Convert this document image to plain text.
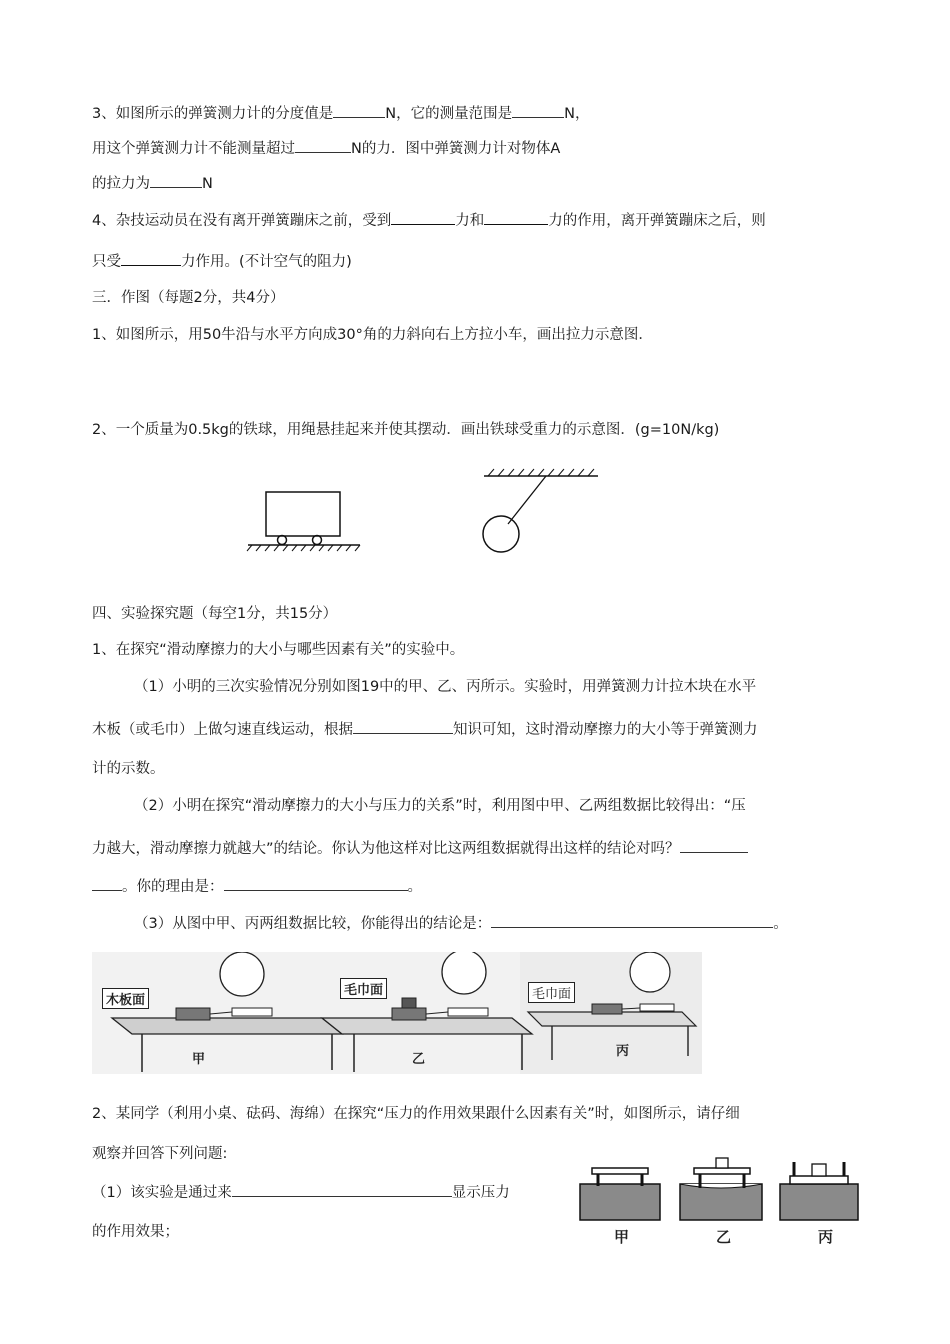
3、如图所示的弹簧测力计的分度值是	N，它的测量范围是	N，
用这个弹簧测力计不能测量超过	N的力．图中弹簧测力计对物体A
的拉力为	N
4、杂技运动员在没有离开弹簧蹦床之前，受到	力和	力的作用，离开弹簧蹦床之后，则
只受	力作用。(不计空气的阻力)
三．作图（每题2分，共4分）
1、如图所示，用50牛沿与水平方向成30°角的力斜向右上方拉小车，画出拉力示意图．
2、一个质量为0.5kg的铁球，用绳悬挂起来并使其摆动．画出铁球受重力的示意图．(g=10N/kg)
四、实验探究题（每空1分，共15分）
1、在探究“滑动摩擦力的大小与哪些因素有关”的实验中。
（1）小明的三次实验情况分别如图19中的甲、乙、丙所示。实验时，用弹簧测力计拉木块在水平
木板（或毛巾）上做匀速直线运动，根据	知识可知，这时滑动摩擦力的大小等于弹簧测力
计的示数。
（2）小明在探究“滑动摩擦力的大小与压力的关系”时，利用图中甲、乙两组数据比较得出：“压
力越大，滑动摩擦力就越大”的结论。你认为他这样对比这两组数据就得出这样的结论对吗？
。你的理由是：	。
（3）从图中甲、丙两组数据比较，你能得出的结论是：	。
木板面
毛巾面	毛巾面
甲	乙
丙
2、某同学（利用小桌、砝码、海绵）在探究“压力的作用效果跟什么因素有关”时，如图所示，请仔细
观察并回答下列问题:
（1）该实验是通过来	显示压力
的作用效果；	甲	乙	丙
